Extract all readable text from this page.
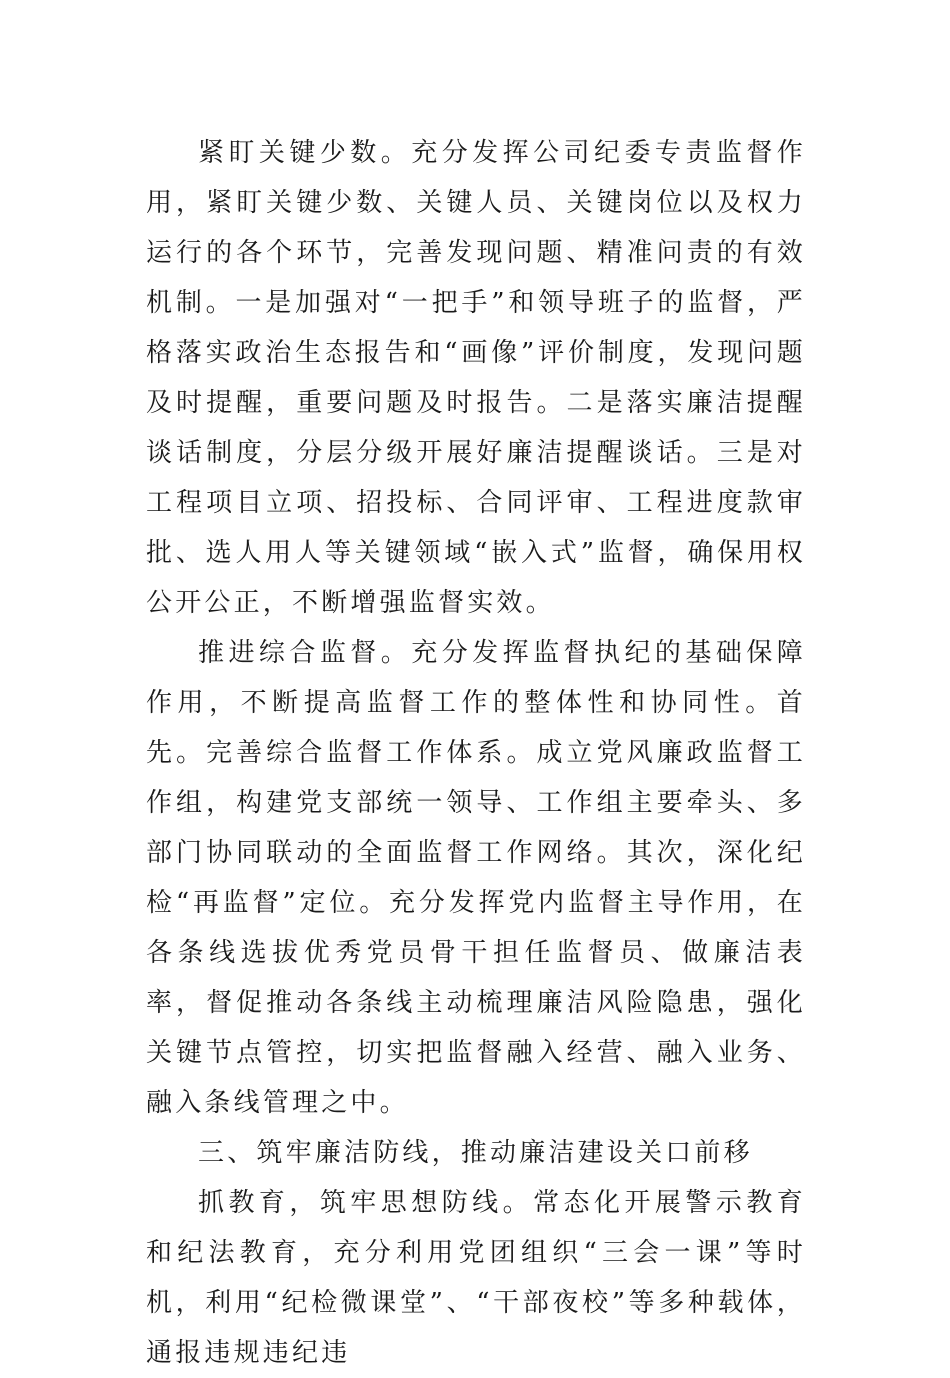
紧盯关键少数。充分发挥公司纪委专责监督作用，紧盯关键少数、关键人员、关键岗位以及权力运行的各个环节，完善发现问题、精准问责的有效机制。一是加强对“一把手”和领导班子的监督，严格落实政治生态报告和“画像”评价制度，发现问题及时提醒，重要问题及时报告。二是落实廉洁提醒谈话制度，分层分级开展好廉洁提醒谈话。三是对工程项目立项、招投标、合同评审、工程进度款审批、选人用人等关键领域“嵌入式”监督，确保用权公开公正，不断增强监督实效。

推进综合监督。充分发挥监督执纪的基础保障作用，不断提高监督工作的整体性和协同性。首先。完善综合监督工作体系。成立党风廉政监督工作组，构建党支部统一领导、工作组主要牵头、多部门协同联动的全面监督工作网络。其次，深化纪检“再监督”定位。充分发挥党内监督主导作用，在各条线选拔优秀党员骨干担任监督员、做廉洁表率，督促推动各条线主动梳理廉洁风险隐患，强化关键节点管控，切实把监督融入经营、融入业务、融入条线管理之中。

三、筑牢廉洁防线，推动廉洁建设关口前移

抓教育，筑牢思想防线。常态化开展警示教育和纪法教育，充分利用党团组织“三会一课”等时机，利用“纪检微课堂”、“干部夜校”等多种载体，通报违规违纪违
